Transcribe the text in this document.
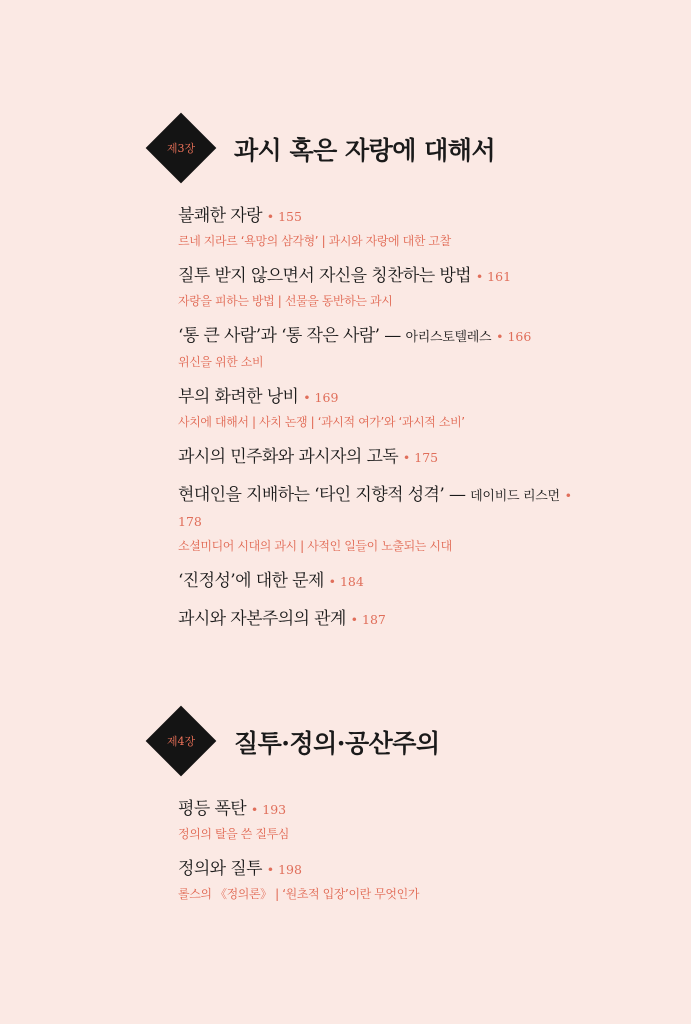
제3장	과시 혹은 자랑에 대해서
불쾌한 자랑 • 155
르네 지라르 ‘욕망의 삼각형’ | 과시와 자랑에 대한 고찰
질투 받지 않으면서 자신을 칭찬하는 방법 • 161
자랑을 피하는 방법 | 선물을 동반하는 과시
‘통 큰 사람’과 ‘통 작은 사람’ — 아리스토텔레스 • 166
위신을 위한 소비
부의 화려한 낭비 • 169
사치에 대해서 | 사치 논쟁 | ‘과시적 여가’와 ‘과시적 소비’
과시의 민주화와 과시자의 고독 • 175
현대인을 지배하는 ‘타인 지향적 성격’ — 데이비드 리스먼 • 178
소셜미디어 시대의 과시 | 사적인 일들이 노출되는 시대
‘진정성’에 대한 문제 • 184
과시와 자본주의의 관계 • 187
제4장	질투·정의·공산주의
평등 폭탄 • 193
정의의 탈을 쓴 질투심
정의와 질투 • 198
롤스의 《정의론》 | ‘원초적 입장’이란 무엇인가
